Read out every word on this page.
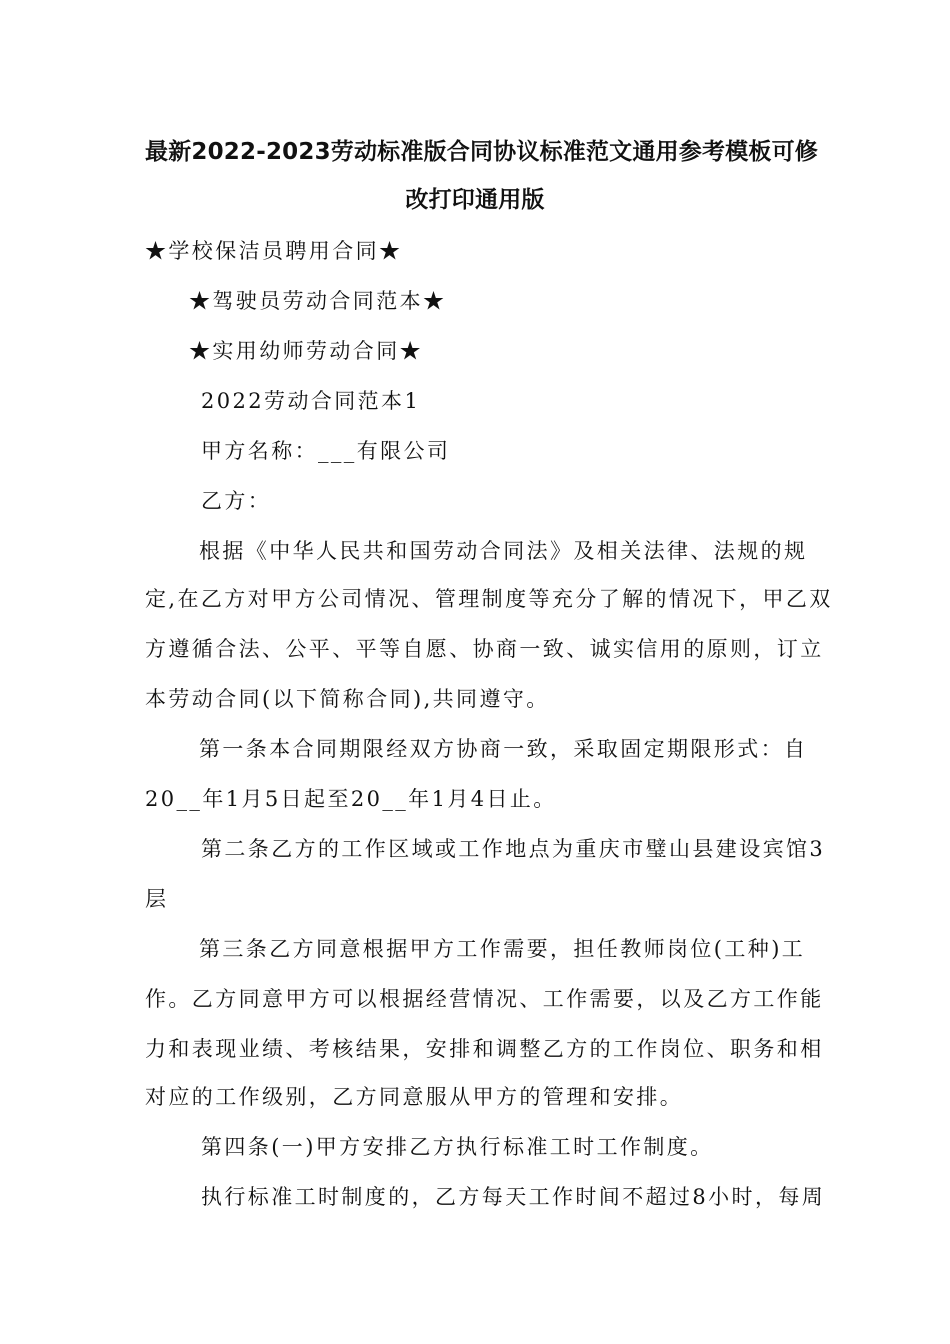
最新2022-2023劳动标准版合同协议标准范文通用参考模板可修
改打印通用版
★学校保洁员聘用合同★
★驾驶员劳动合同范本★
★实用幼师劳动合同★
2022劳动合同范本1
甲方名称：___有限公司
乙方：
根据《中华人民共和国劳动合同法》及相关法律、法规的规
定,在乙方对甲方公司情况、管理制度等充分了解的情况下，甲乙双
方遵循合法、公平、平等自愿、协商一致、诚实信用的原则，订立
本劳动合同(以下简称合同),共同遵守。
第一条本合同期限经双方协商一致，采取固定期限形式：自
20__年1月5日起至20__年1月4日止。
第二条乙方的工作区域或工作地点为重庆市璧山县建设宾馆3
层
第三条乙方同意根据甲方工作需要，担任教师岗位(工种)工
作。乙方同意甲方可以根据经营情况、工作需要，以及乙方工作能
力和表现业绩、考核结果，安排和调整乙方的工作岗位、职务和相
对应的工作级别，乙方同意服从甲方的管理和安排。
第四条(一)甲方安排乙方执行标准工时工作制度。
执行标准工时制度的，乙方每天工作时间不超过8小时，每周
